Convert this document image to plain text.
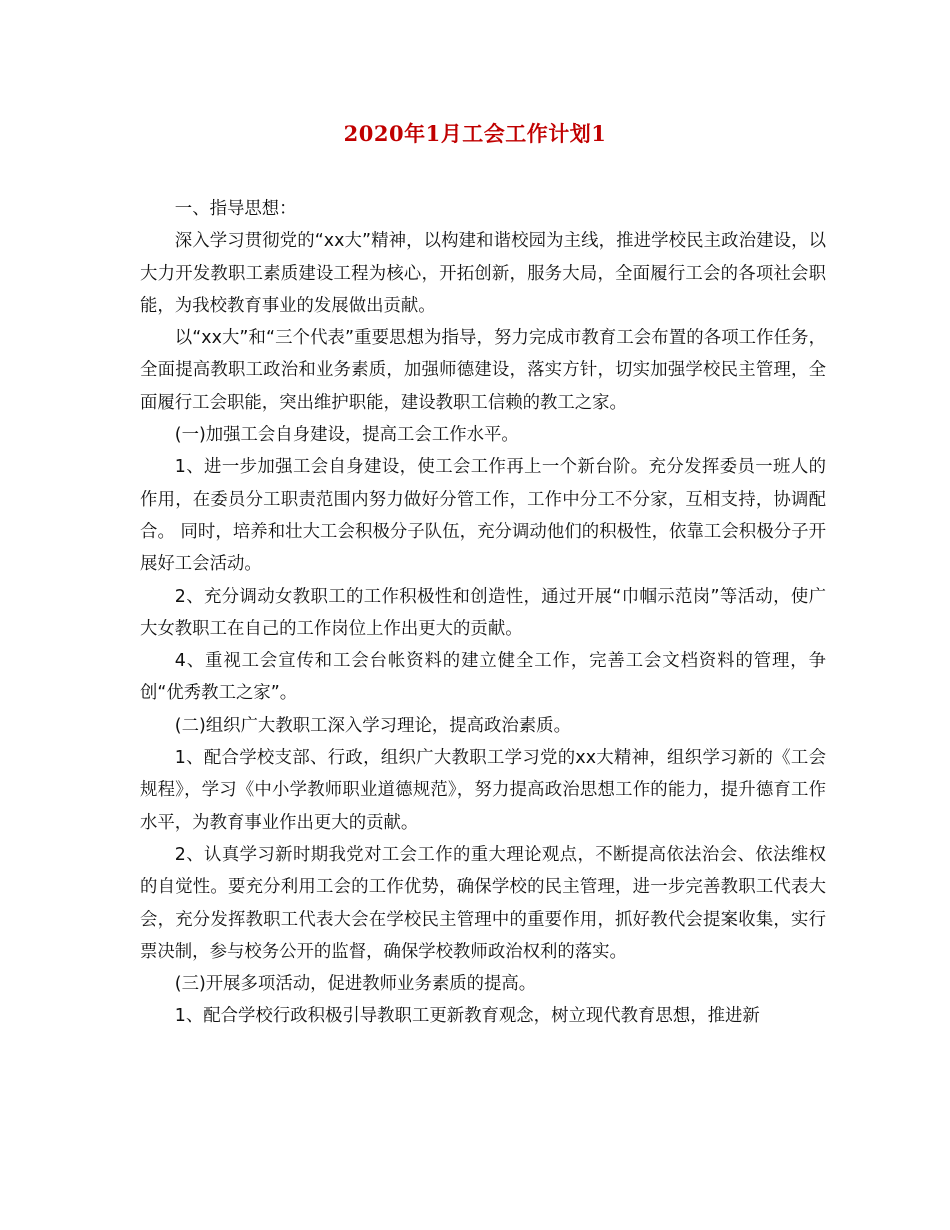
2020年1月工会工作计划1

一、指导思想：

深入学习贯彻党的“xx大”精神，以构建和谐校园为主线，推进学校民主政治建设，以大力开发教职工素质建设工程为核心，开拓创新，服务大局，全面履行工会的各项社会职能，为我校教育事业的发展做出贡献。

以“xx大”和“三个代表”重要思想为指导，努力完成市教育工会布置的各项工作任务，全面提高教职工政治和业务素质，加强师德建设，落实方针，切实加强学校民主管理，全面履行工会职能，突出维护职能，建设教职工信赖的教工之家。

(一)加强工会自身建设，提高工会工作水平。

1、进一步加强工会自身建设，使工会工作再上一个新台阶。充分发挥委员一班人的作用，在委员分工职责范围内努力做好分管工作，工作中分工不分家，互相支持，协调配合。 同时，培养和壮大工会积极分子队伍，充分调动他们的积极性，依靠工会积极分子开展好工会活动。

2、充分调动女教职工的工作积极性和创造性，通过开展“巾帼示范岗”等活动，使广大女教职工在自己的工作岗位上作出更大的贡献。

4、重视工会宣传和工会台帐资料的建立健全工作，完善工会文档资料的管理，争创“优秀教工之家”。

(二)组织广大教职工深入学习理论，提高政治素质。

1、配合学校支部、行政，组织广大教职工学习党的xx大精神，组织学习新的《工会规程》，学习《中小学教师职业道德规范》，努力提高政治思想工作的能力，提升德育工作水平，为教育事业作出更大的贡献。

2、认真学习新时期我党对工会工作的重大理论观点，不断提高依法治会、依法维权的自觉性。要充分利用工会的工作优势，确保学校的民主管理，进一步完善教职工代表大会，充分发挥教职工代表大会在学校民主管理中的重要作用，抓好教代会提案收集，实行票决制，参与校务公开的监督，确保学校教师政治权利的落实。

(三)开展多项活动，促进教师业务素质的提高。

1、配合学校行政积极引导教职工更新教育观念，树立现代教育思想，推进新
